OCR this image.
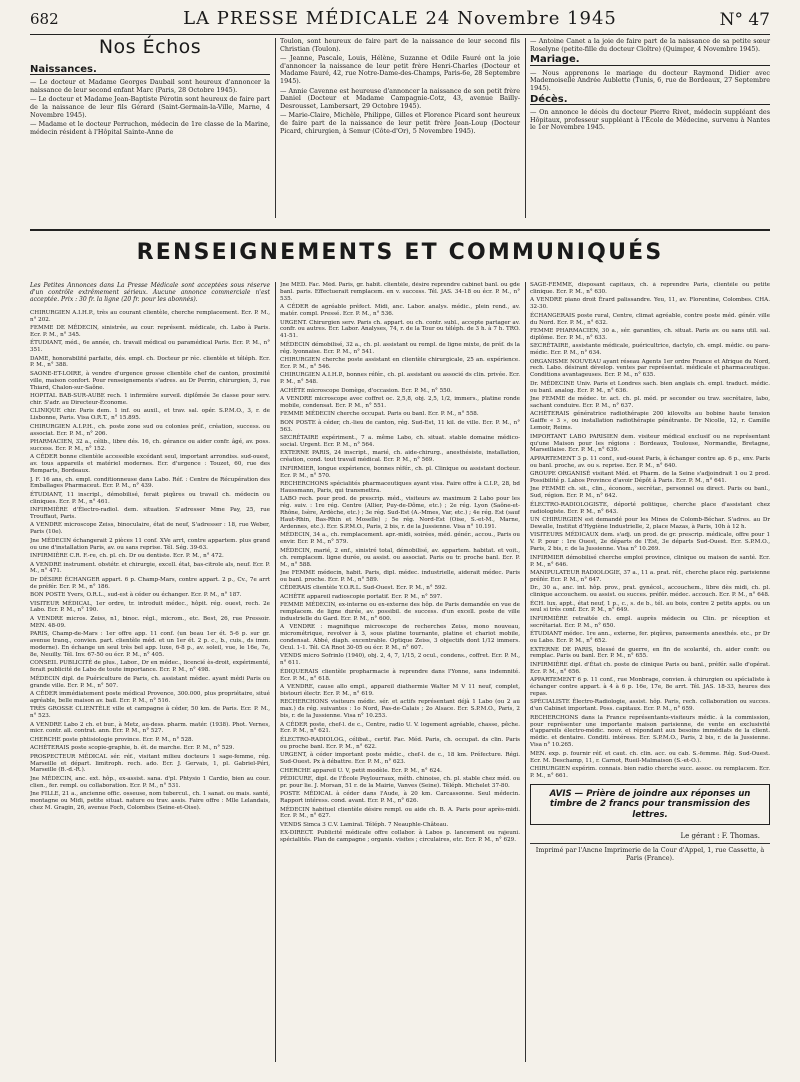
LA PRESSE MÉDICALE 24 Novembre 1945
682	N° 47
Nos Échos
Naissances.

— Le docteur et Madame Georges Daubail sont heureux d'annoncer la naissance de leur second enfant Marc (Paris, 28 Octobre 1945).

— Le docteur et Madame Jean-Baptiste Pérotin sont heureux de faire part de la naissance de leur fils Gérard (Saint-Germain-la-Ville, Marne, 4 Novembre 1945).

— Madame et le docteur Perruchon, médecin de 1re classe de la Marine, médecin résident à l'Hôpital Sainte-Anne de

Toulon, sont heureux de faire part de la naissance de leur second fils Christian (Toulon).

— Jeanne, Pascale, Louis, Hélène, Suzanne et Odile Fauré ont la joie d'annoncer la naissance de leur petit frère Henri-Charles (Docteur et Madame Fauré, 42, rue Notre-Dame-des-Champs, Paris-6e, 28 Septembre 1945).

— Annie Cavenne est heureuse d'annoncer la naissance de son petit frère Daniel (Docteur et Madame Campagnie-Cotz, 43, avenue Bailly-Desrousset, Lambersart, 29 Octobre 1945).

— Marie-Claire, Michèle, Philippe, Gilles et Florence Picard sont heureux de faire part de la naissance de leur petit frère Jean-Loup (Docteur Picard, chirurgien, à Semur (Côte-d'Or), 5 Novembre 1945).

— Antoine Canet a la joie de faire part de la naissance de sa petite sœur Roselyne (petite-fille du docteur Cloître) (Quimper, 4 Novembre 1945).

Mariage.

— Nous apprenons le mariage du docteur Raymond Didier avec Mademoiselle Andrée Aublette (Tunis, 6, rue de Bordeaux, 27 Septembre 1945).

Décès.

— On annonce le décès du docteur Pierre Rivet, médecin suppléant des Hôpitaux, professeur suppléant à l'École de Médecine, survenu à Nantes le 1er Novembre 1945.

RENSEIGNEMENTS ET COMMUNIQUÉS
Les Petites Annonces dans La Presse Médicale sont acceptées sous réserve d'un contrôle extrêmement sérieux. Aucune annonce commerciale n'est acceptée. Prix : 30 fr. la ligne (20 fr. pour les abonnés).

CHIRURGIEN A.I.H.P., très au courant clientèle, cherche remplacement. Ecr. P. M., n° 202.

FEMME DE MÉDECIN, sinistrée, au cour. représent. médicale, ch. Labo à Paris. Ecr. P. M., n° 345.

ÉTUDIANT, méd., 6e année, ch. travail médical ou paramédical Paris. Ecr. P. M., n° 351.

DAME, honorabilité parfaite, dés. empl. ch. Docteur pr réc. clientèle et téléph. Ecr. P. M., n° 388.

SAONE-ET-LOIRE, à vendre d'urgence grosse clientèle chef de canton, proximité ville, maison confort. Pour renseignements s'adres. au Dr Perrin, chirurgien, 3, rue Thiard, Chalon-sur-Saône.

HOPITAL BAB-SUR-AUBE rech. 1 infirmière surveil. diplômée 3e classe pour serv. chir. S'adr. au Directeur-Économe.

CLINIQUE chir. Paris dem. 1 inf. ou auxil., et trav. sal. opér. S.P.M.O., 3, r. de Lisbonne, Paris. Visa O.R.T., n° 15.895.

CHIRURGIEN A.I.P.H., ch. poste zone sud ou colonies préf., création, success. ou associat. Ecr. P. M., n° 206.

PHARMACIEN, 32 a., célib., libre dés. 16, ch. gérance ou aider confr. âgé, av. poss. success. Ecr. P. M., n° 152.

A CÉDER bonne clientèle accessible excédant seul, important arrondiss. sud-ouest, av. tous appareils et matériel modernes. Ecr. d'urgence : Touzet, 60, rue des Remparts, Bordeaux.

J. F. 16 ans, ch. empl. conditionneuse dans Labo. Réf. : Centre de Récupération des Emballages Pharmaceut. Ecr. P. M., n° 439.

ÉTUDIANT, 11 inscripl., démobilisé, ferait piqûres ou travail ch. médecin ou cliniques. Ecr. P. M., n° 461.

INFIRMIÈRE d'Électro-radiol. dem. situation. S'adresser Mme Pay, 25, rue Trouffaut, Paris.

A VENDRE microscope Zeiss, binoculaire, état de neuf, S'adresser : 18, rue Weber, Paris (10e).

Jne MÉDECIN échangerait 2 pièces 11 conf. XVe arrt, contre appartem. plus grand ou une d'installation Paris, av. ou sans reprise. Tél. Ség. 39-63.

INFIRMIÈRE C.R. F.-re, ch. pl. ch. Dr ou dentiste. Ecr. P. M., n° 472.

A VENDRE instrument. obstétr. et chirurgie, excell. état, bas-citrole als, neuf. Ecr. P. M., n° 471.

Dr DÉSIRE ÉCHANGER appart. 6 p. Champ-Mars, contre appart. 2 p., Cv., 7e arrt de préfér. Ecr. P. M., n° 186.

BON POSTE Yvers, O.R.L., sud-est à céder ou échanger. Ecr. P. M., n° 187.

VISITEUR MÉDICAL, 1er ordre, tr. introduit médec., hôpit. rég. ouest, rech. 2e Labo. Ecr. P. M., n° 190.

A VENDRE micros. Zeiss, n1, binoc. régl., microm., etc. Best, 26, rue Pressoir. MEN. 48-09.

PARIS, Champ-de-Mars : 1er offre app. 11 conf. (un beau 1er ét. 5-6 p. sur gr. avenue tranq., convien. part. clientèle méd. et un 1er ét. 2 p. c., b., cuis., ds imm. moderne). En échange un seul très bel app. luxe, 6-8 p., av. soleil, vue, le 16e, 7e, 8e, Neuilly. Tél. Inv. 67-50 ou écr. P. M., n° 405.

CONSEIL PUBLICITÉ de plus., Labor., Dr en médec., licencié ès-droit, expérimenté, ferait publicité de Labo de toute importance. Ecr. P. M., n° 498.

MÉDECIN dipl. de Puériculture de Paris, ch. assistant médec. ayant médi Paris ou grande ville. Ecr. P. M., n° 507.

A CÉDER immédiatement poste médical Provence, 300.000, plus propriétaire, situé agréable, belle maison av. bail. Ecr. P. M., n° 516.

TRÈS GROSSE CLIENTÈLE ville et campagne à céder, 50 km. de Paris. Ecr. P. M., n° 523.

A VENDRE Labo 2 ch. et bur., à Metz, au-dess. pharm. matér. (1938). Phot. Vernes, micr. contr. all. contrat. ann. Ecr. P. M., n° 527.

CHERCHE poste phtisiologie province. Ecr. P. M., n° 528.

ACHÈTERAIS poste scopie-graphie, b. ét. de marche. Ecr. P. M., n° 529.

PROSPECTEUR MÉDICAL sér. réf., visitant milieu docteurs 1 sage-femme, rég. Marseille et départ. limitroph. rech. ado. Ecr. J. Gervais, 1, pl. Gabriel-Péri, Marseille (B.-d.-R.).

Jne MÉDECIN, anc. ext. hôp., ex-assist. sana. d'pl. Phtysio 1 Cardio, bien au cour. clien., fer. rempl. ou collaboration. Ecr. P. M., n° 531.

Jne FILLE, 21 a., ancienne offic. osseuse, nom tubercul., ch. 1 sanat. ou mais. santé, montagne ou Midi, petite situat. nature ou trav. assis. Faire offre : Mlle Lelandais, chez M. Gragin, 26, avenue Foch, Colombes (Seine-et-Oise).

Jne MÉD. Fac. Méd. Paris, gr. habit. clientèle, désire reprendre cabinet banl. ou gde banl. paris. Effectuerait remplacem. en v. success. Tél. JAS. 34-18 ou écr. P. M., n° 535.

A CÉDER de agréable préfect. Midi, anc. Labor. analys. médic., plein rend., av. matér. compl. Pressé. Ecr. P. M., n° 536.

URGENT. Chirurgien serv. Paris ch. appart. ou ch. contr. subl., accepte partager av. confr. ou autres. Ecr. Labor. Analyses, 74, r. de la Tour ou téléph. de 3 h. à 7 h. TRO. 41-51.

MÉDECIN démobilisé, 32 a., ch. pl. assistant ou rempl. de ligne mixte, de préf. ds la rég. lyonnaise. Ecr. P. M., n° 541.

CHIRURGIEN cherche poste assistant en clientèle chirurgicale, 25 an. expérience. Ecr. P. M., n° 546.

CHIRURGIEN A.I.H.P., bonnes référ., ch. pl. assistant ou associé ds clin. privée. Ecr. P. M., n° 548.

ACHÈTE microscope Domège, d'occasion. Ecr. P. M., n° 550.

A VENDRE microscope avec coffret oc. 2,5,8, obj. 2,5, 1/2, immers., platine ronde mobile, condensat. Ecr. P. M., n° 551.

FEMME MÉDECIN cherche occupat. Paris ou banl. Ecr. P. M., n° 558.

BON POSTE à céder, ch.-lieu de canton, rég. Sud-Est, 11 kil. de ville. Ecr. P. M., n° 563.

SECRÉTAIRE expériment., 7 a. même Labo, ch. situat. stable domaine médico-social. Urgent. Ecr. P. M., n° 564.

EXTERNE PARIS, 24 inscript., marié, ch. aide-chirurg., anesthésiste, installation, création, cond. tout travail médical. Ecr. P. M., n° 569.

INFIRMIER, longue expérience, bonnes référ., ch. pl. Clinique ou assistant docteur. Ecr. P. M., n° 570.

RECHERCHONS spécialités pharmaceutiques ayant visa. Faire offre à C.I.P., 28, bd Haussmann, Paris, qui transmettra.

LABO rech. pour prod. de prescrip. méd., visiteurs av. maximum 2 Labo pour les rég. suiv. : 1re rég. Centre (Allier, Puy-de-Dôme, etc.) ; 2e rég. Lyon (Saône-et-Rhône, Isère, Ardèche, etc.) ; 3e rég. Sud-Est (A.-Mmes, Var, etc.) ; 4e rég. Est (sauf Haut-Rhin, Bas-Rhin et Moselle) ; 5e rég. Nord-Est (Oise, S.-et-M., Marne, Ardennes, etc.). Ecr. S.P.M.O., Paris, 2 bis, r. de la Jussienne. Visa n° 10.191.

MÉDECIN, 34 a., ch. remplacement. apr.-midi, soirées, méd. génér., accou., Paris ou envir. Ecr. P. M., n° 579.

MÉDECIN, marié, 2 enf., sinistré total, démobilisé, av. appartem. habitat. et voit., ch. remplacem. ligne durée, ou assist. ou associat. Paris ou tr. proche banl. Ecr. P. M., n° 588.

Jne FEMME médecin, habit. Paris, dipl. médec. industrielle, aiderait médec. Paris ou banl. proche. Ecr. P. M., n° 589.

CÉDERAIS clientèle Y.O.R.L. Sud-Ouest. Ecr. P. M., n° 592.

ACHÈTE appareil radioscopie portatif. Ecr. P. M., n° 597.

FEMME MÉDECIN, ex-interne ou ex-externe des hôp. de Paris demandée en vue de remplacem. de ligne durée, av. possibil. de success. d'un excell. poste de ville industrielle du Gard. Ecr. P. M., n° 600.

A VENDRE : magnifique microscope de recherches Zeiss, mono nouveau, micrométrique, revolver à 3, sous platine tournante, platine et chariot mobile, condensat. Abbé, diaph. excentrable. Optique Zeiss, 3 objectifs dont 1/12 immers. Ocul. 1-1. Tél. CA Rnot 30-05 ou écr. P. M., n° 607.

VENDS micro Sofrinlo (1940), obj. 2, 4, 7, 1/15, 2 ocul., condens., coffret. Ecr. P. M., n° 611.

ÉDIQUERAIS clientèle propharmacie à reprendre dans l'Yonne, sans indemnité. Ecr. P. M., n° 618.

A VENDRE, cause allo empl., appareil diathermie Walter M V 11 neuf, complet, bistouri électr. Ecr. P. M., n° 619.

RECHERCHONS visiteurs médic. sér. et actifs représentant déjà 1 Labo (ou 2 au max.) ds rég. suivantes : 1o Nord, Pas-de-Calais ; 2o Alsace. Ecr. S.P.M.O., Paris, 2 bis, r. de la Jussienne. Visa n° 10.253.

A CÉDER poste, chef-l. de c., Centre, radio U. V. logement agréable, chasse, pêche. Ecr. P. M., n° 621.

ÉLECTRO-RADIOLOG., célibat., certif. Fac. Méd. Paris, ch. occupat. ds clin. Paris ou proche banl. Ecr. P. M., n° 622.

URGENT, à céder important poste médic., chef-l. de c., 18 km. Préfecture. Régi. Sud-Ouest. Px à débattre. Ecr. P. M., n° 623.

CHERCHE appareil U. V, petit modèle. Ecr. P. M., n° 624.

PÉDICURE, dipl. de l'École Peylourraux, méth. chinoise, ch. pl. stable chez méd. ou pr. pour lie. J. Morsan, 51 r. de la Mairie, Vanves (Seine). Téléph. Michelet 37-80.

POSTE MÉDICAL à céder dans l'Aude, à 20 km. Carcassonne. Seul médecin. Rapport intéress. cond. avant. Ecr. P. M., n° 626.

MÉDECIN habituel clientèle désire rempl. ou aide ch. B. A. Paris pour après-midi. Ecr. P. M., n° 627.

VENDS Simca 3 C.V. Lamiral. Téléph. 7 Neauphle-Château.

EX-DIRECT. Publicité médicale offre collabor. à Labos p. lancement ou rajeuni. spécialités. Plan de campagne ; organis. visites ; circulaires, etc. Ecr. P. M., n° 629.

SAGE-FEMME, disposant capitaux, ch. à reprendre Paris, clientèle ou petite clinique. Ecr. P. M., n° 630.

A VENDRE piano droit Érard palissandre. Yeu, 11, av. Florentine, Colombes. CHA. 32-30.

ÉCHANGERAIS poste rural, Centre, climat agréable, contre poste méd. génér. ville du Nord. Ecr. P. M., n° 632.

FEMME PHARMACIEN, 30 a., sér. garanties, ch. situat. Paris av. ou sans util. sal. diplôme. Ecr. P. M., n° 633.

SECRÉTAIRE, assistante médicale, puéricultrice, dactylo, ch. empl. médic. ou para-médic. Ecr. P. M., n° 634.

ORGANISME NOUVEAU ayant réseau Agents 1er ordre France et Afrique du Nord, rech. Labo. désirant dévelop. ventes par représentat. médicale et pharmaceutique. Conditions avantageuses. Ecr. P. M., n° 635.

Dr. MÉDECINE Univ. Paris et Londres sach. bien anglais ch. empl. traduct. médic. ou banl. analog. Ecr. P. M., n° 636.

Jne FEMME de médec. tr. act. ch. pl. méd. pr seconder ou trav. secrétaire, labo, sachant conduire. Ecr. P. M., n° 637.

ACHÈTERAIS génératrice radiothérapie 200 kilovolts au bobine haute tension Gaiffe « 3 », ou installation radiothérapie pénétrante. Dr Nicolle, 12, r. Camille Lemoir, Reims.

IMPORTANT LABO PARISIEN dem. visiteur médical exclusif ou ne représentant qu'une Maison pour les régions : Bordeaux, Toulouse, Normandie, Bretagne, Marseillaise. Ecr. P. M., n° 639.

APPARTEMENT 3 p. 11 conf., sud-ouest Paris, à échanger contre ap. 6 p., env. Paris ou banl. proche, av. ou s. reprise. Ecr. P. M., n° 640.

GROUPE ORGANISÉ visitant Méd. et Pharm. de la Seine s'adjoindrait 1 ou 2 prod. Possibilité p. Labos Province d'avoir Dépôt à Paris. Ecr. P. M., n° 641.

Jne FEMME ch. sit., clin., économ., secrétar., personnel ou direct. Paris ou banl., Sud, région. Ecr. P. M., n° 642.

ÉLECTRO-RADIOLOGISTE, déporté politique, cherche place d'assistant chez radiologiste. Ecr. P. M., n° 643.

UN CHIRURGIEN est demandé pour les Mines de Colomb-Béchar. S'adres. au Dr Dewalle, Institut d'Hygiène Industrielle, 2, place Mazas, à Paris, 10h à 12 h.

VISITEURS MÉDICAUX dem. s'adj. un prod. de gr. prescrip. médicale, offre pour 1 V. P. pour : 1re Ouest, 2e départs de l'Est, 3e départs Sud-Ouest. Ecr. S.P.M.O., Paris, 2 bis, r. de la Jussienne. Visa n° 10.269.

INFIRMIER démobilisé cherche emploi province, clinique ou maison de santé. Ecr. P. M., n° 646.

MANIPULATEUR RADIOLOGIE, 37 a., 11 a. prat. réf., cherche place rég. parisienne préfér. Ecr. P. M., n° 647.

Dr., 30 a., anc. int. hôp. prov., prat. gynécol., accouchem., libre dès midi, ch. pl. clinique accouchem. ou assist. ou succes. préfér. médec. accouch. Ecr. P. M., n° 648.

ÉCH. lux. appt., état neuf, 1 p., c., s. de b., tél. au bois, contre 2 petits appts. ou un seul si très conf. Ecr. P. M., n° 649.

INFIRMIÈRE retraitée ch. empl. auprès médecin ou Clin. pr réception et secrétariat. Ecr. P. M., n° 650.

ÉTUDIANT médec. 1re ann., externe, fer. piqûres, pansements anesthés. etc., pr Dr ou Labo. Ecr. P. M., n° 652.

EXTERNE DE PARIS, blessé de guerre, en fin de scolarité, ch. aider confr. ou remplac. Paris ou banl. Ecr. P. M., n° 655.

INFIRMIÈRE dipl. d'État ch. poste de clinique Paris ou banl., préfér. salle d'opérat. Ecr. P. M., n° 656.

APPARTEMENT 6 p. 11 conf., rue Monbrage, convien. à chirurgien ou spécialiste à échanger contre appart. à 4 à 6 p. 16e, 17e, 8e arrt. Tél. JAS. 18-33, heures des repas.

SPÉCIALISTE Électro-Radiologie, assist. hôp. Paris, rech. collaboration ou succes. d'un Cabinet important. Poss. capitaux. Ecr. P. M., n° 659.

RECHERCHONS dans la France représentants-visiteurs médic. à la commission, pour représenter une importante maison parisienne, de vente en exclusivité d'appareils électro-médic. nouv. et répondant aux besoins immédiats de la client. médic. et dentaire. Conditi. intéress. Ecr. S.P.M.O., Paris, 2 bis, r. de la Jussienne. Visa n° 10.265.

MEN. exp. p. fournir réf. et caut. ch. clin. acc. ou cab. S.-femme. Rég. Sud-Ouest. Ecr. M. Deschamp, 11, r. Carnot, Rueil-Malmaison (S.-et-O.).

CHIRURGIEN expérim. connais. bien radio cherche succ. assoc. ou remplacem. Ecr. P. M., n° 661.

AVIS — Prière de joindre aux réponses un timbre de 2 francs pour transmission des lettres.
Le gérant : F. Thomas.
Imprimé par l'Ancne Imprimerie de la Cour d'Appel, 1, rue Cassette, à Paris (France).
